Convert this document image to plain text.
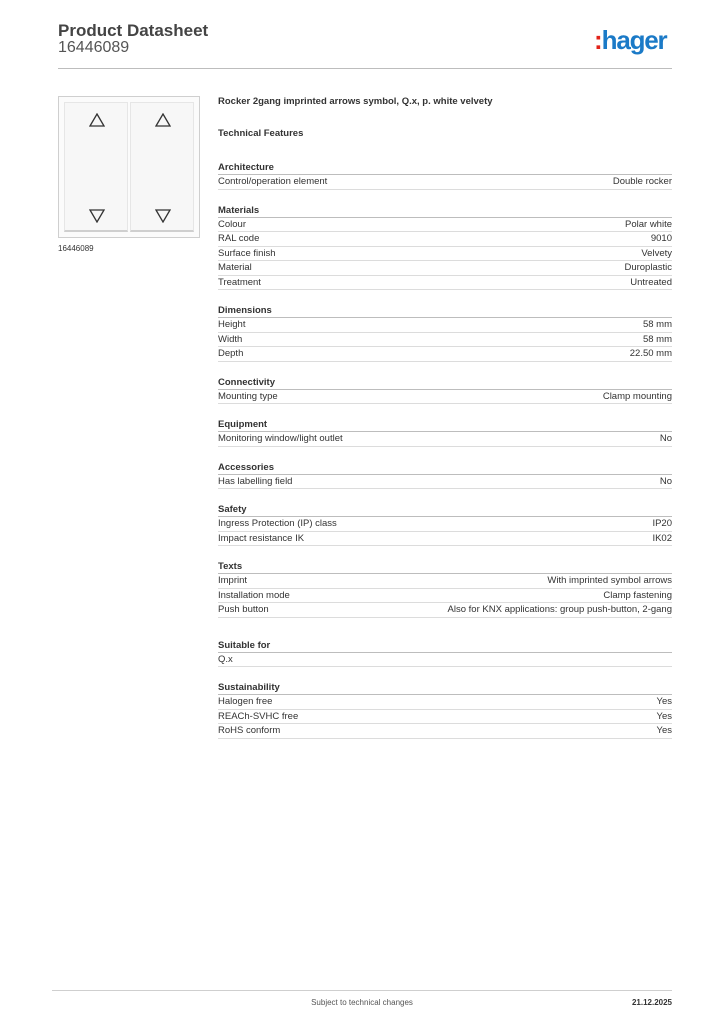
Product Datasheet
16446089	:hager
16446089
Rocker 2gang imprinted arrows symbol, Q.x, p. white velvety
Technical Features
Architecture
Control/operation element	Double rocker
Materials
Colour	Polar white
RAL code	9010
Surface finish	Velvety
Material	Duroplastic
Treatment	Untreated
Dimensions
Height	58 mm
Width	58 mm
Depth	22.50 mm
Connectivity
Mounting type	Clamp mounting
Equipment
Monitoring window/light outlet	No
Accessories
Has labelling field	No
Safety
Ingress Protection (IP) class	IP20
Impact resistance IK	IK02
Texts
Imprint	With imprinted symbol arrows
Installation mode	Clamp fastening
Push button	Also for KNX applications: group push-button, 2-gang
Suitable for
Q.x
Sustainability
Halogen free	Yes
REACh-SVHC free	Yes
RoHS conform	Yes
Subject to technical changes	21.12.2025
